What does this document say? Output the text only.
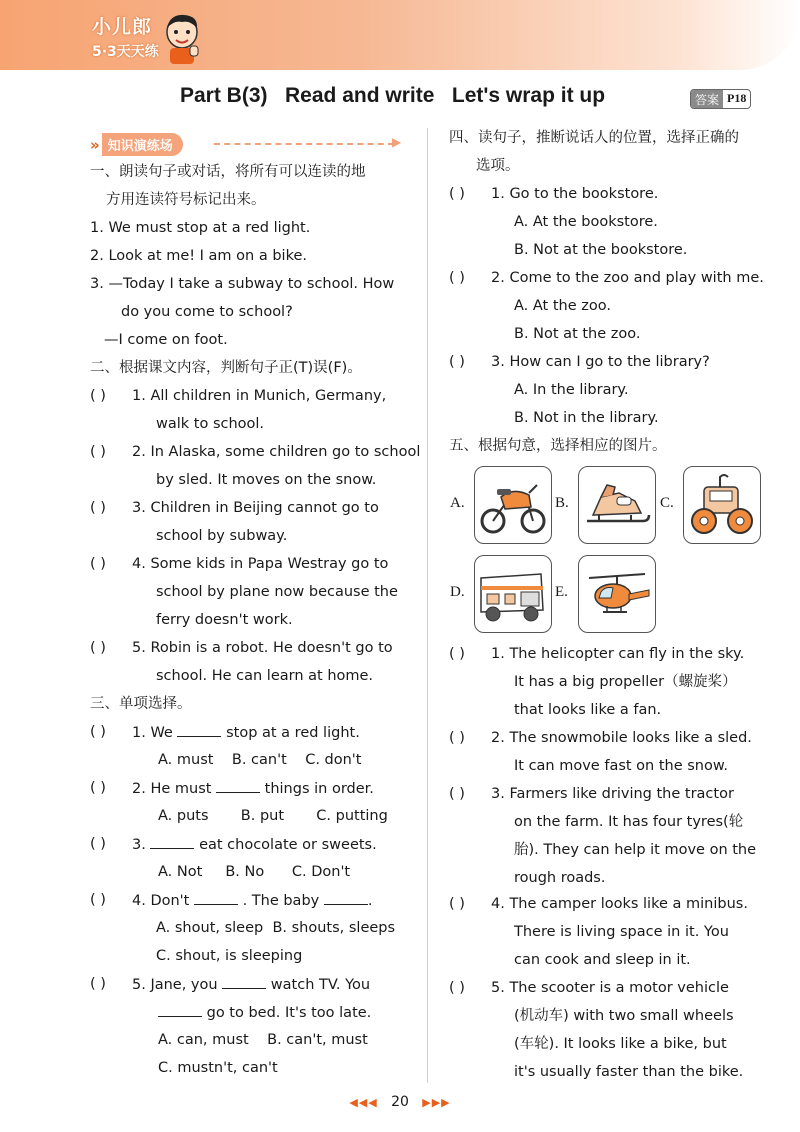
小儿郎
5·3天天练
Part B(3)   Read and write   Let's wrap it up	答案 P18
» 知识演练场	▶
一、朗读句子或对话，将所有可以连读的地
方用连读符号标记出来。
1. We must stop at a red light.
2. Look at me! I am on a bike.
3. —Today I take a subway to school. How
do you come to school?
—I come on foot.
二、根据课文内容，判断句子正(T)误(F)。
( ) 1. All children in Munich, Germany,
walk to school.
( ) 2. In Alaska, some children go to school
by sled. It moves on the snow.
( ) 3. Children in Beijing cannot go to
school by subway.
( ) 4. Some kids in Papa Westray go to
school by plane now because the
ferry doesn't work.
( ) 5. Robin is a robot. He doesn't go to
school. He can learn at home.
三、单项选择。
( ) 1. We	stop at a red light.
A. must    B. can't    C. don't
( ) 2. He must	things in order.
A. puts       B. put       C. putting
( ) 3.	eat chocolate or sweets.
A. Not     B. No      C. Don't
( ) 4. Don't	. The baby	.
A. shout, sleep  B. shouts, sleeps
C. shout, is sleeping
( ) 5. Jane, you	watch TV. You
go to bed. It's too late.
A. can, must    B. can't, must
C. mustn't, can't
四、读句子，推断说话人的位置，选择正确的
选项。
( ) 1. Go to the bookstore.
A. At the bookstore.
B. Not at the bookstore.
( ) 2. Come to the zoo and play with me.
A. At the zoo.
B. Not at the zoo.
( ) 3. How can I go to the library?
A. In the library.
B. Not in the library.
五、根据句意，选择相应的图片。
A.	B.	C.
D.	E.
( ) 1. The helicopter can fly in the sky.
It has a big propeller（螺旋桨）
that looks like a fan.
( ) 2. The snowmobile looks like a sled.
It can move fast on the snow.
( ) 3. Farmers like driving the tractor
on the farm. It has four tyres(轮
胎). They can help it move on the
rough roads.
( ) 4. The camper looks like a minibus.
There is living space in it. You
can cook and sleep in it.
( ) 5. The scooter is a motor vehicle
(机动车) with two small wheels
(车轮). It looks like a bike, but
it's usually faster than the bike.
◀◀◀ 20 ▶▶▶
